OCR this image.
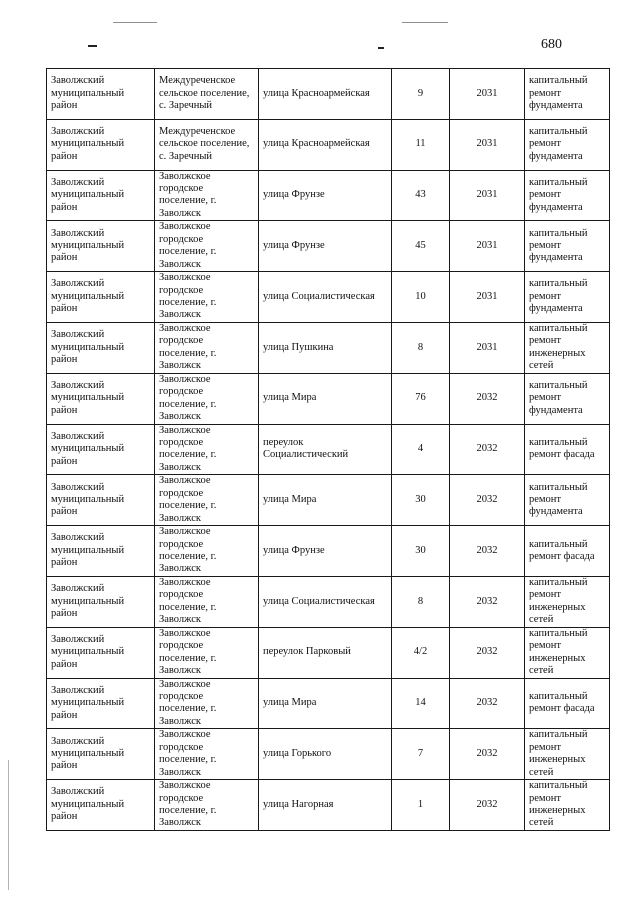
680
Заволжский муниципальный район	Междуреченское сельское поселение, с. Заречный	улица Красноармейская	9	2031	капитальный ремонт фундамента
Заволжский муниципальный район	Междуреченское сельское поселение, с. Заречный	улица Красноармейская	11	2031	капитальный ремонт фундамента
Заволжский муниципальный район	Заволжское городское поселение, г. Заволжск	улица Фрунзе	43	2031	капитальный ремонт фундамента
Заволжский муниципальный район	Заволжское городское поселение, г. Заволжск	улица Фрунзе	45	2031	капитальный ремонт фундамента
Заволжский муниципальный район	Заволжское городское поселение, г. Заволжск	улица Социалистическая	10	2031	капитальный ремонт фундамента
Заволжский муниципальный район	Заволжское городское поселение, г. Заволжск	улица Пушкина	8	2031	капитальный ремонт инженерных сетей
Заволжский муниципальный район	Заволжское городское поселение, г. Заволжск	улица Мира	76	2032	капитальный ремонт фундамента
Заволжский муниципальный район	Заволжское городское поселение, г. Заволжск	переулок Социалистический	4	2032	капитальный ремонт фасада
Заволжский муниципальный район	Заволжское городское поселение, г. Заволжск	улица Мира	30	2032	капитальный ремонт фундамента
Заволжский муниципальный район	Заволжское городское поселение, г. Заволжск	улица Фрунзе	30	2032	капитальный ремонт фасада
Заволжский муниципальный район	Заволжское городское поселение, г. Заволжск	улица Социалистическая	8	2032	капитальный ремонт инженерных сетей
Заволжский муниципальный район	Заволжское городское поселение, г. Заволжск	переулок Парковый	4/2	2032	капитальный ремонт инженерных сетей
Заволжский муниципальный район	Заволжское городское поселение, г. Заволжск	улица Мира	14	2032	капитальный ремонт фасада
Заволжский муниципальный район	Заволжское городское поселение, г. Заволжск	улица Горького	7	2032	капитальный ремонт инженерных сетей
Заволжский муниципальный район	Заволжское городское поселение, г. Заволжск	улица Нагорная	1	2032	капитальный ремонт инженерных сетей
